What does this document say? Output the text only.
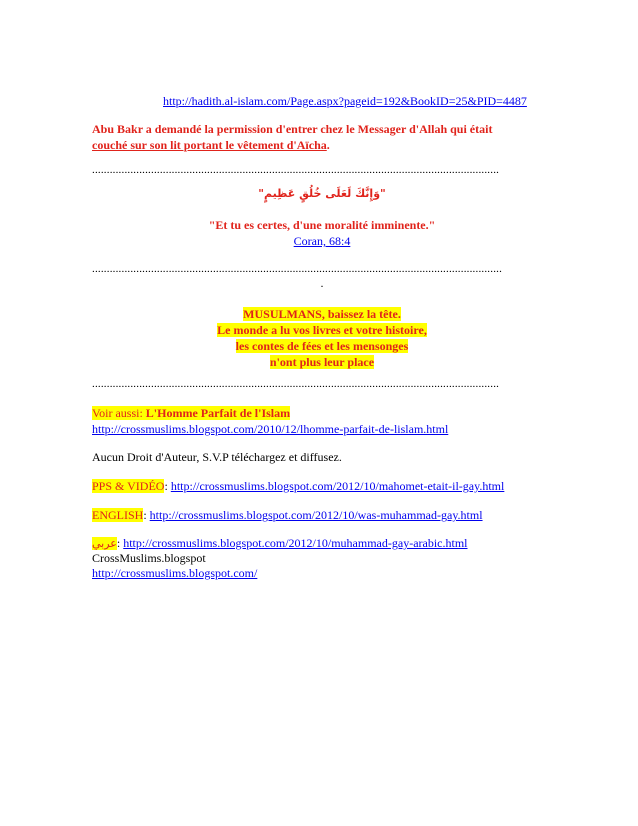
http://hadith.al-islam.com/Page.aspx?pageid=192&BookID=25&PID=4487
Abu Bakr a demandé la permission d'entrer chez le Messager d'Allah qui était
couché sur son lit portant le vêtement d'Aïcha.
..........................................................................................................................................
"وَإِنَّكَ لَعَلَى خُلُقٍ عَظِيمٍ"
"Et tu es certes, d'une moralité imminente."
Coran, 68:4
...........................................................................................................................................
.
MUSULMANS, baissez la tête.
Le monde a lu vos livres et votre histoire,
les contes de fées et les mensonges
n'ont plus leur place
..........................................................................................................................................
Voir aussi: L'Homme Parfait de l'Islam
http://crossmuslims.blogspot.com/2010/12/lhomme-parfait-de-lislam.html
Aucun Droit d'Auteur, S.V.P téléchargez et diffusez.
PPS & VIDÉO: http://crossmuslims.blogspot.com/2012/10/mahomet-etait-il-gay.html
ENGLISH: http://crossmuslims.blogspot.com/2012/10/was-muhammad-gay.html
عربي: http://crossmuslims.blogspot.com/2012/10/muhammad-gay-arabic.html
CrossMuslims.blogspot
http://crossmuslims.blogspot.com/
